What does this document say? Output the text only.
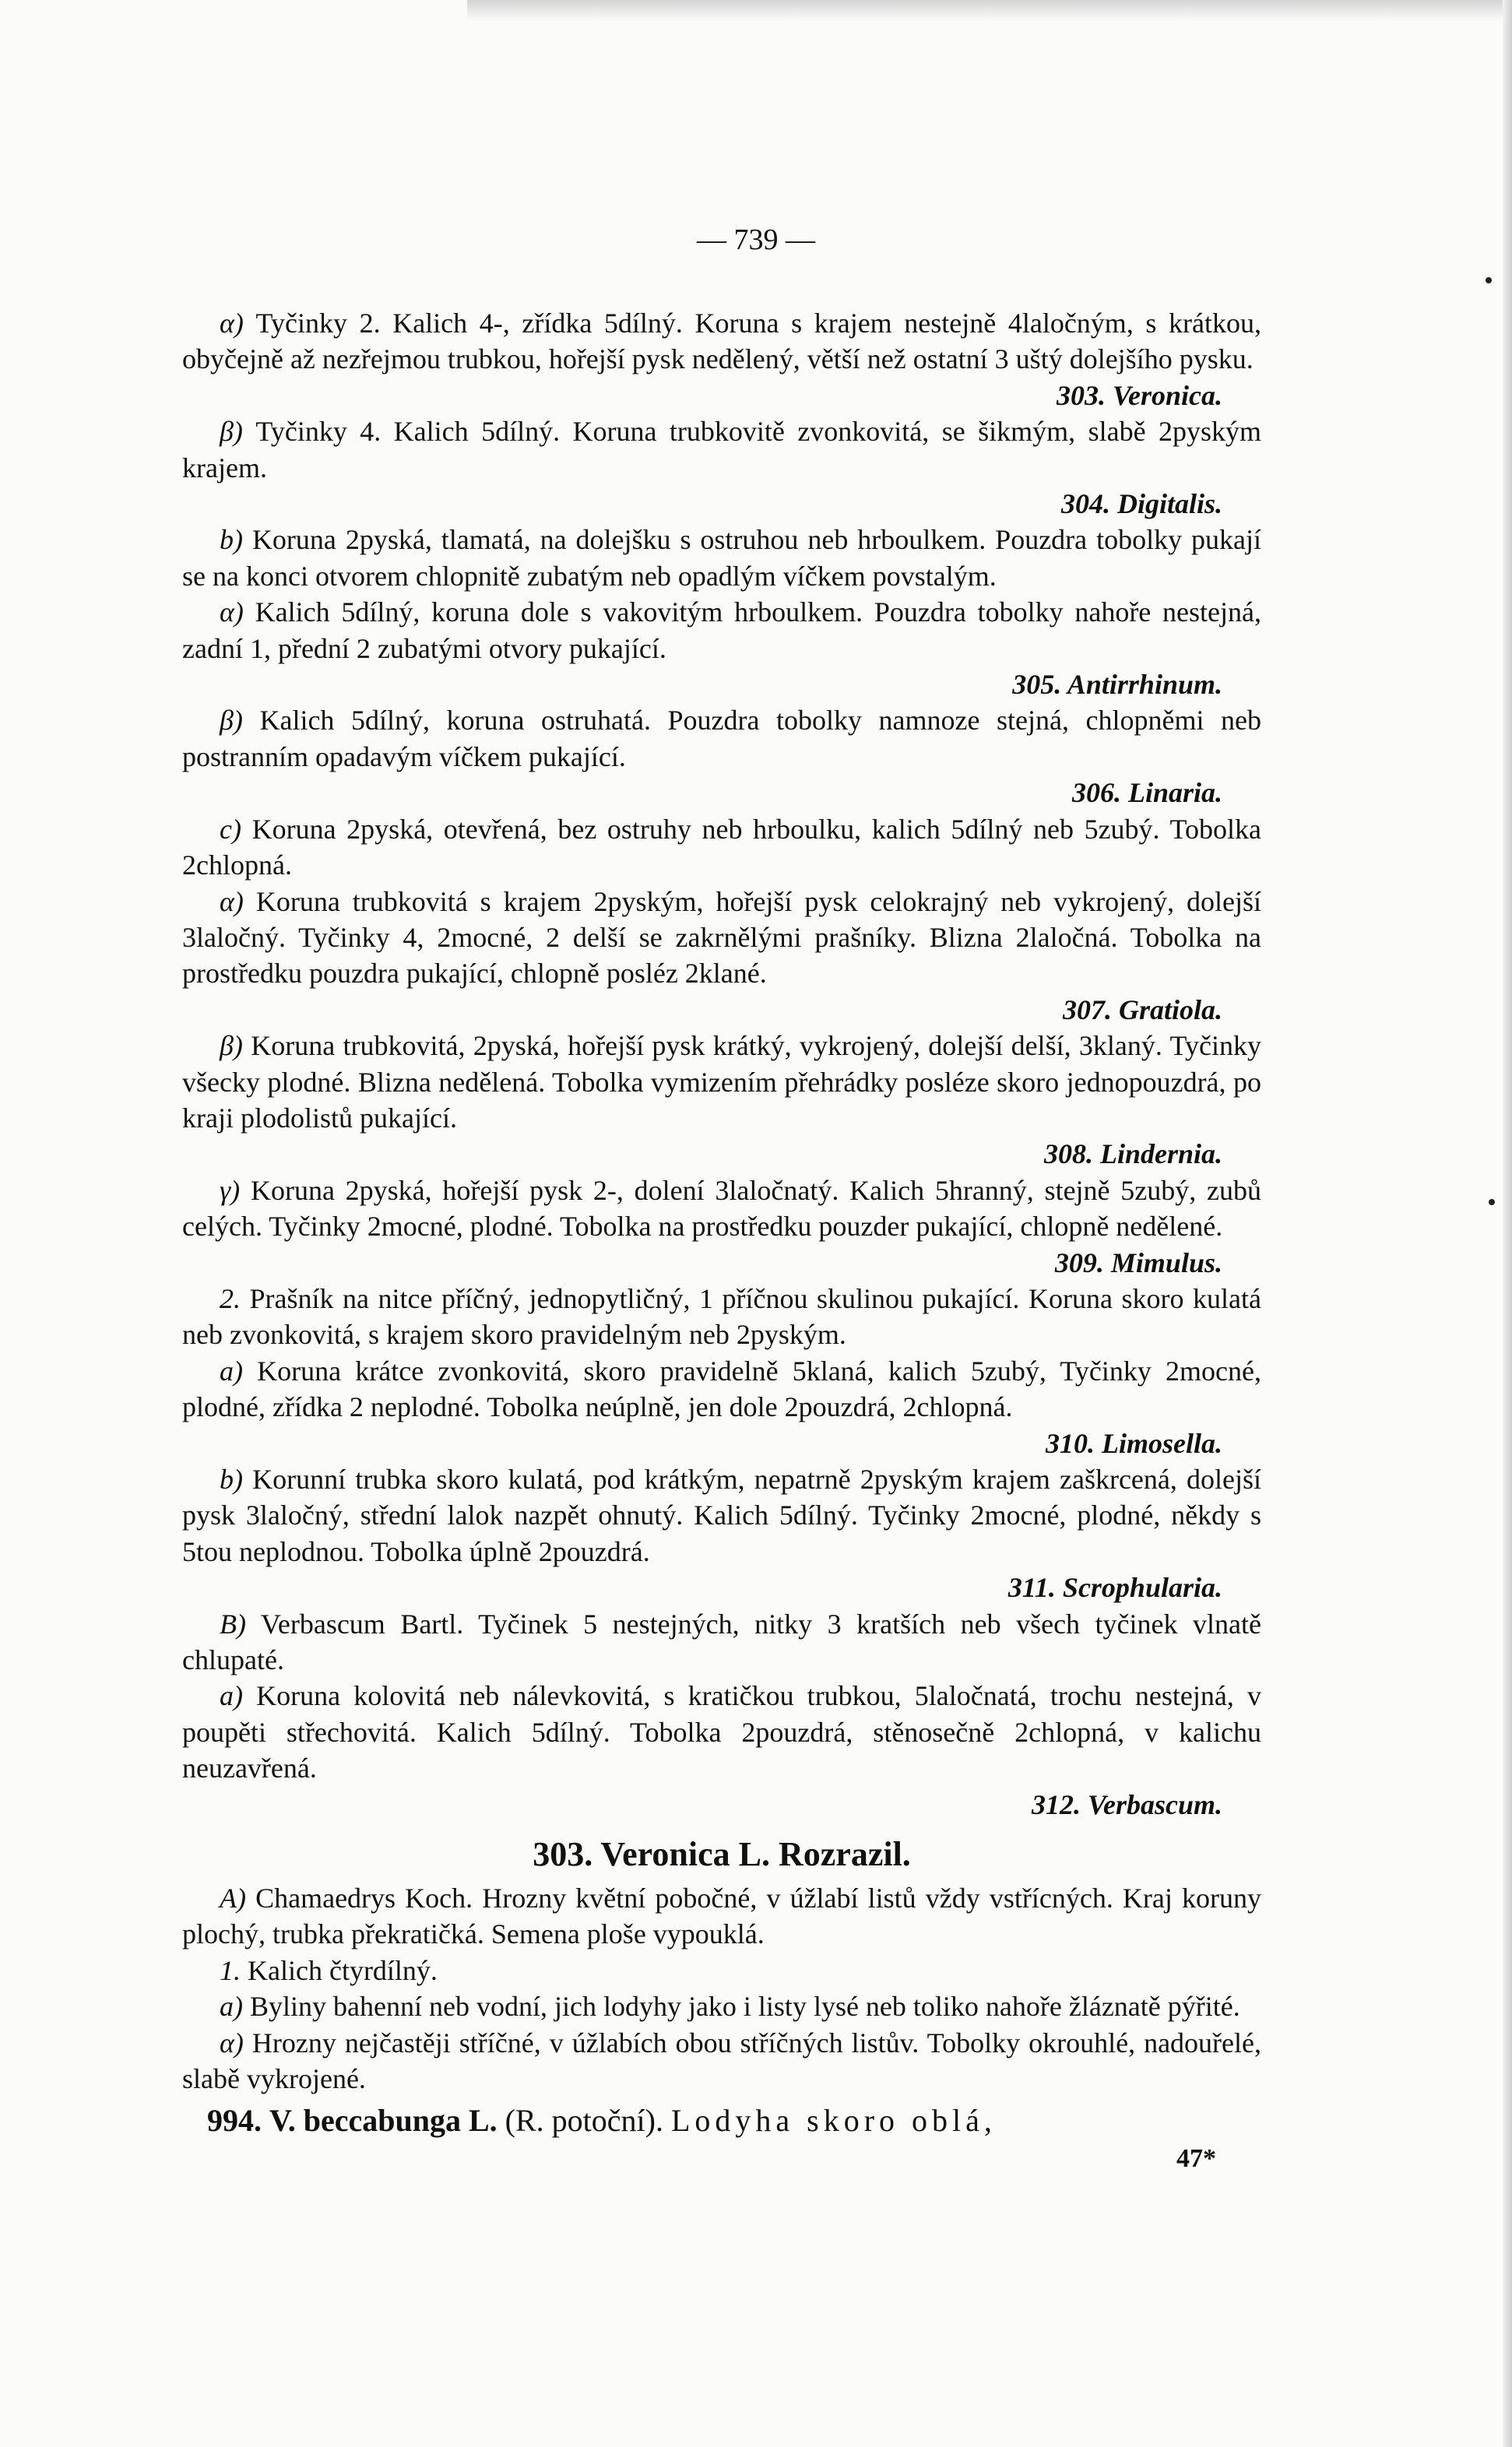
— 739 —

α) Tyčinky 2. Kalich 4-, zřídka 5dílný. Koruna s krajem nestejně 4laločným, s krátkou, obyčejně až nezřejmou trubkou, hořejší pysk nedělený, větší než ostatní 3 uštý dolejšího pysku.
303. Veronica.

β) Tyčinky 4. Kalich 5dílný. Koruna trubkovitě zvonkovitá, se šikmým, slabě 2pyským krajem.
304. Digitalis.

b) Koruna 2pyská, tlamatá, na dolejšku s ostruhou neb hrboulkem. Pouzdra tobolky pukají se na konci otvorem chlopnitě zubatým neb opadlým víčkem povstalým.

α) Kalich 5dílný, koruna dole s vakovitým hrboulkem. Pouzdra tobolky nahoře nestejná, zadní 1, přední 2 zubatými otvory pukající.
305. Antirrhinum.

β) Kalich 5dílný, koruna ostruhatá. Pouzdra tobolky namnoze stejná, chlopněmi neb postranním opadavým víčkem pukající.
306. Linaria.

c) Koruna 2pyská, otevřená, bez ostruhy neb hrboulku, kalich 5dílný neb 5zubý. Tobolka 2chlopná.

α) Koruna trubkovitá s krajem 2pyským, hořejší pysk celokrajný neb vykrojený, dolejší 3laločný. Tyčinky 4, 2mocné, 2 delší se zakrnělými prašníky. Blizna 2laločná. Tobolka na prostředku pouzdra pukající, chlopně posléz 2klané.
307. Gratiola.

β) Koruna trubkovitá, 2pyská, hořejší pysk krátký, vykrojený, dolejší delší, 3klaný. Tyčinky všecky plodné. Blizna nedělená. Tobolka vymizením přehrádky posléze skoro jednopouzdrá, po kraji plodolistů pukající.
308. Lindernia.

γ) Koruna 2pyská, hořejší pysk 2-, dolení 3laločnatý. Kalich 5hranný, stejně 5zubý, zubů celých. Tyčinky 2mocné, plodné. Tobolka na prostředku pouzder pukající, chlopně nedělené.
309. Mimulus.

2. Prašník na nitce příčný, jednopytličný, 1 příčnou skulinou pukající. Koruna skoro kulatá neb zvonkovitá, s krajem skoro pravidelným neb 2pyským.

a) Koruna krátce zvonkovitá, skoro pravidelně 5klaná, kalich 5zubý, Tyčinky 2mocné, plodné, zřídka 2 neplodné. Tobolka neúplně, jen dole 2pouzdrá, 2chlopná.
310. Limosella.

b) Korunní trubka skoro kulatá, pod krátkým, nepatrně 2pyským krajem zaškrcená, dolejší pysk 3laločný, střední lalok nazpět ohnutý. Kalich 5dílný. Tyčinky 2mocné, plodné, někdy s 5tou neplodnou. Tobolka úplně 2pouzdrá.
311. Scrophularia.

B) Verbascum Bartl. Tyčinek 5 nestejných, nitky 3 kratších neb všech tyčinek vlnatě chlupaté.

a) Koruna kolovitá neb nálevkovitá, s kratičkou trubkou, 5laločnatá, trochu nestejná, v poupěti střechovitá. Kalich 5dílný. Tobolka 2pouzdrá, stěnosečně 2chlopná, v kalichu neuzavřená.
312. Verbascum.

303. Veronica L. Rozrazil.

A) Chamaedrys Koch. Hrozny květní pobočné, v úžlabí listů vždy vstřícných. Kraj koruny plochý, trubka překratičká. Semena ploše vypouklá.

1. Kalich čtyrdílný.

a) Byliny bahenní neb vodní, jich lodyhy jako i listy lysé neb toliko nahoře žláznatě pýřité.

α) Hrozny nejčastěji stříčné, v úžlabích obou stříčných listův. Tobolky okrouhlé, nadouřelé, slabě vykrojené.

994. V. beccabunga L. (R. potoční). Lodyha skoro oblá,

47*
